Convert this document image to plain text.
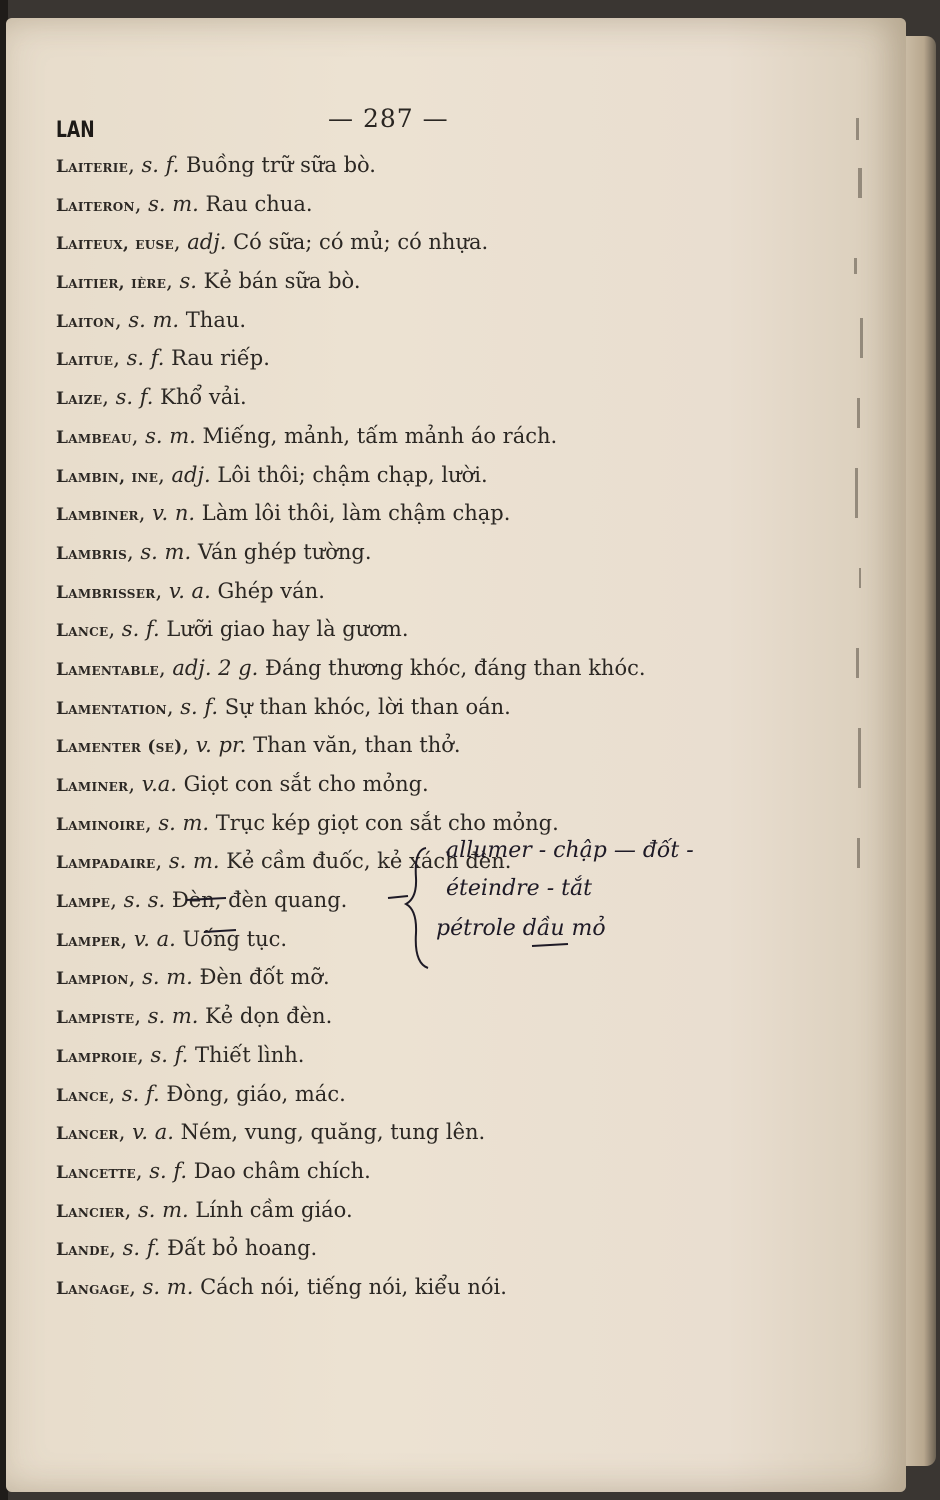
LAN	— 287 —
Laiterie, s. f. Buồng trữ sữa bò.
Laiteron, s. m. Rau chua.
Laiteux, euse, adj. Có sữa; có mủ; có nhựa.
Laitier, ière, s. Kẻ bán sữa bò.
Laiton, s. m. Thau.
Laitue, s. f. Rau riếp.
Laize, s. f. Khổ vải.
Lambeau, s. m. Miếng, mảnh, tấm mảnh áo rách.
Lambin, ine, adj. Lôi thôi; chậm chạp, lười.
Lambiner, v. n. Làm lôi thôi, làm chậm chạp.
Lambris, s. m. Ván ghép tường.
Lambrisser, v. a. Ghép ván.
Lance, s. f. Lưỡi giao hay là gươm.
Lamentable, adj. 2 g. Đáng thương khóc, đáng than khóc.
Lamentation, s. f. Sự than khóc, lời than oán.
Lamenter (se), v. pr. Than văn, than thở.
Laminer, v.a. Giọt con sắt cho mỏng.
Laminoire, s. m. Trục kép giọt con sắt cho mỏng.
Lampadaire, s. m. Kẻ cầm đuốc, kẻ xách đèn.
Lampe, s. s. Đèn, đèn quang.
Lamper, v. a. Uống tục.
Lampion, s. m. Đèn đốt mỡ.
Lampiste, s. m. Kẻ dọn đèn.
Lamproie, s. f. Thiết lình.
Lance, s. f. Đòng, giáo, mác.
Lancer, v. a. Ném, vung, quăng, tung lên.
Lancette, s. f. Dao châm chích.
Lancier, s. m. Lính cầm giáo.
Lande, s. f. Đất bỏ hoang.
Langage, s. m. Cách nói, tiếng nói, kiểu nói.
allumer - chập — đốt -
éteindre - tắt
pétrole dầu mỏ
